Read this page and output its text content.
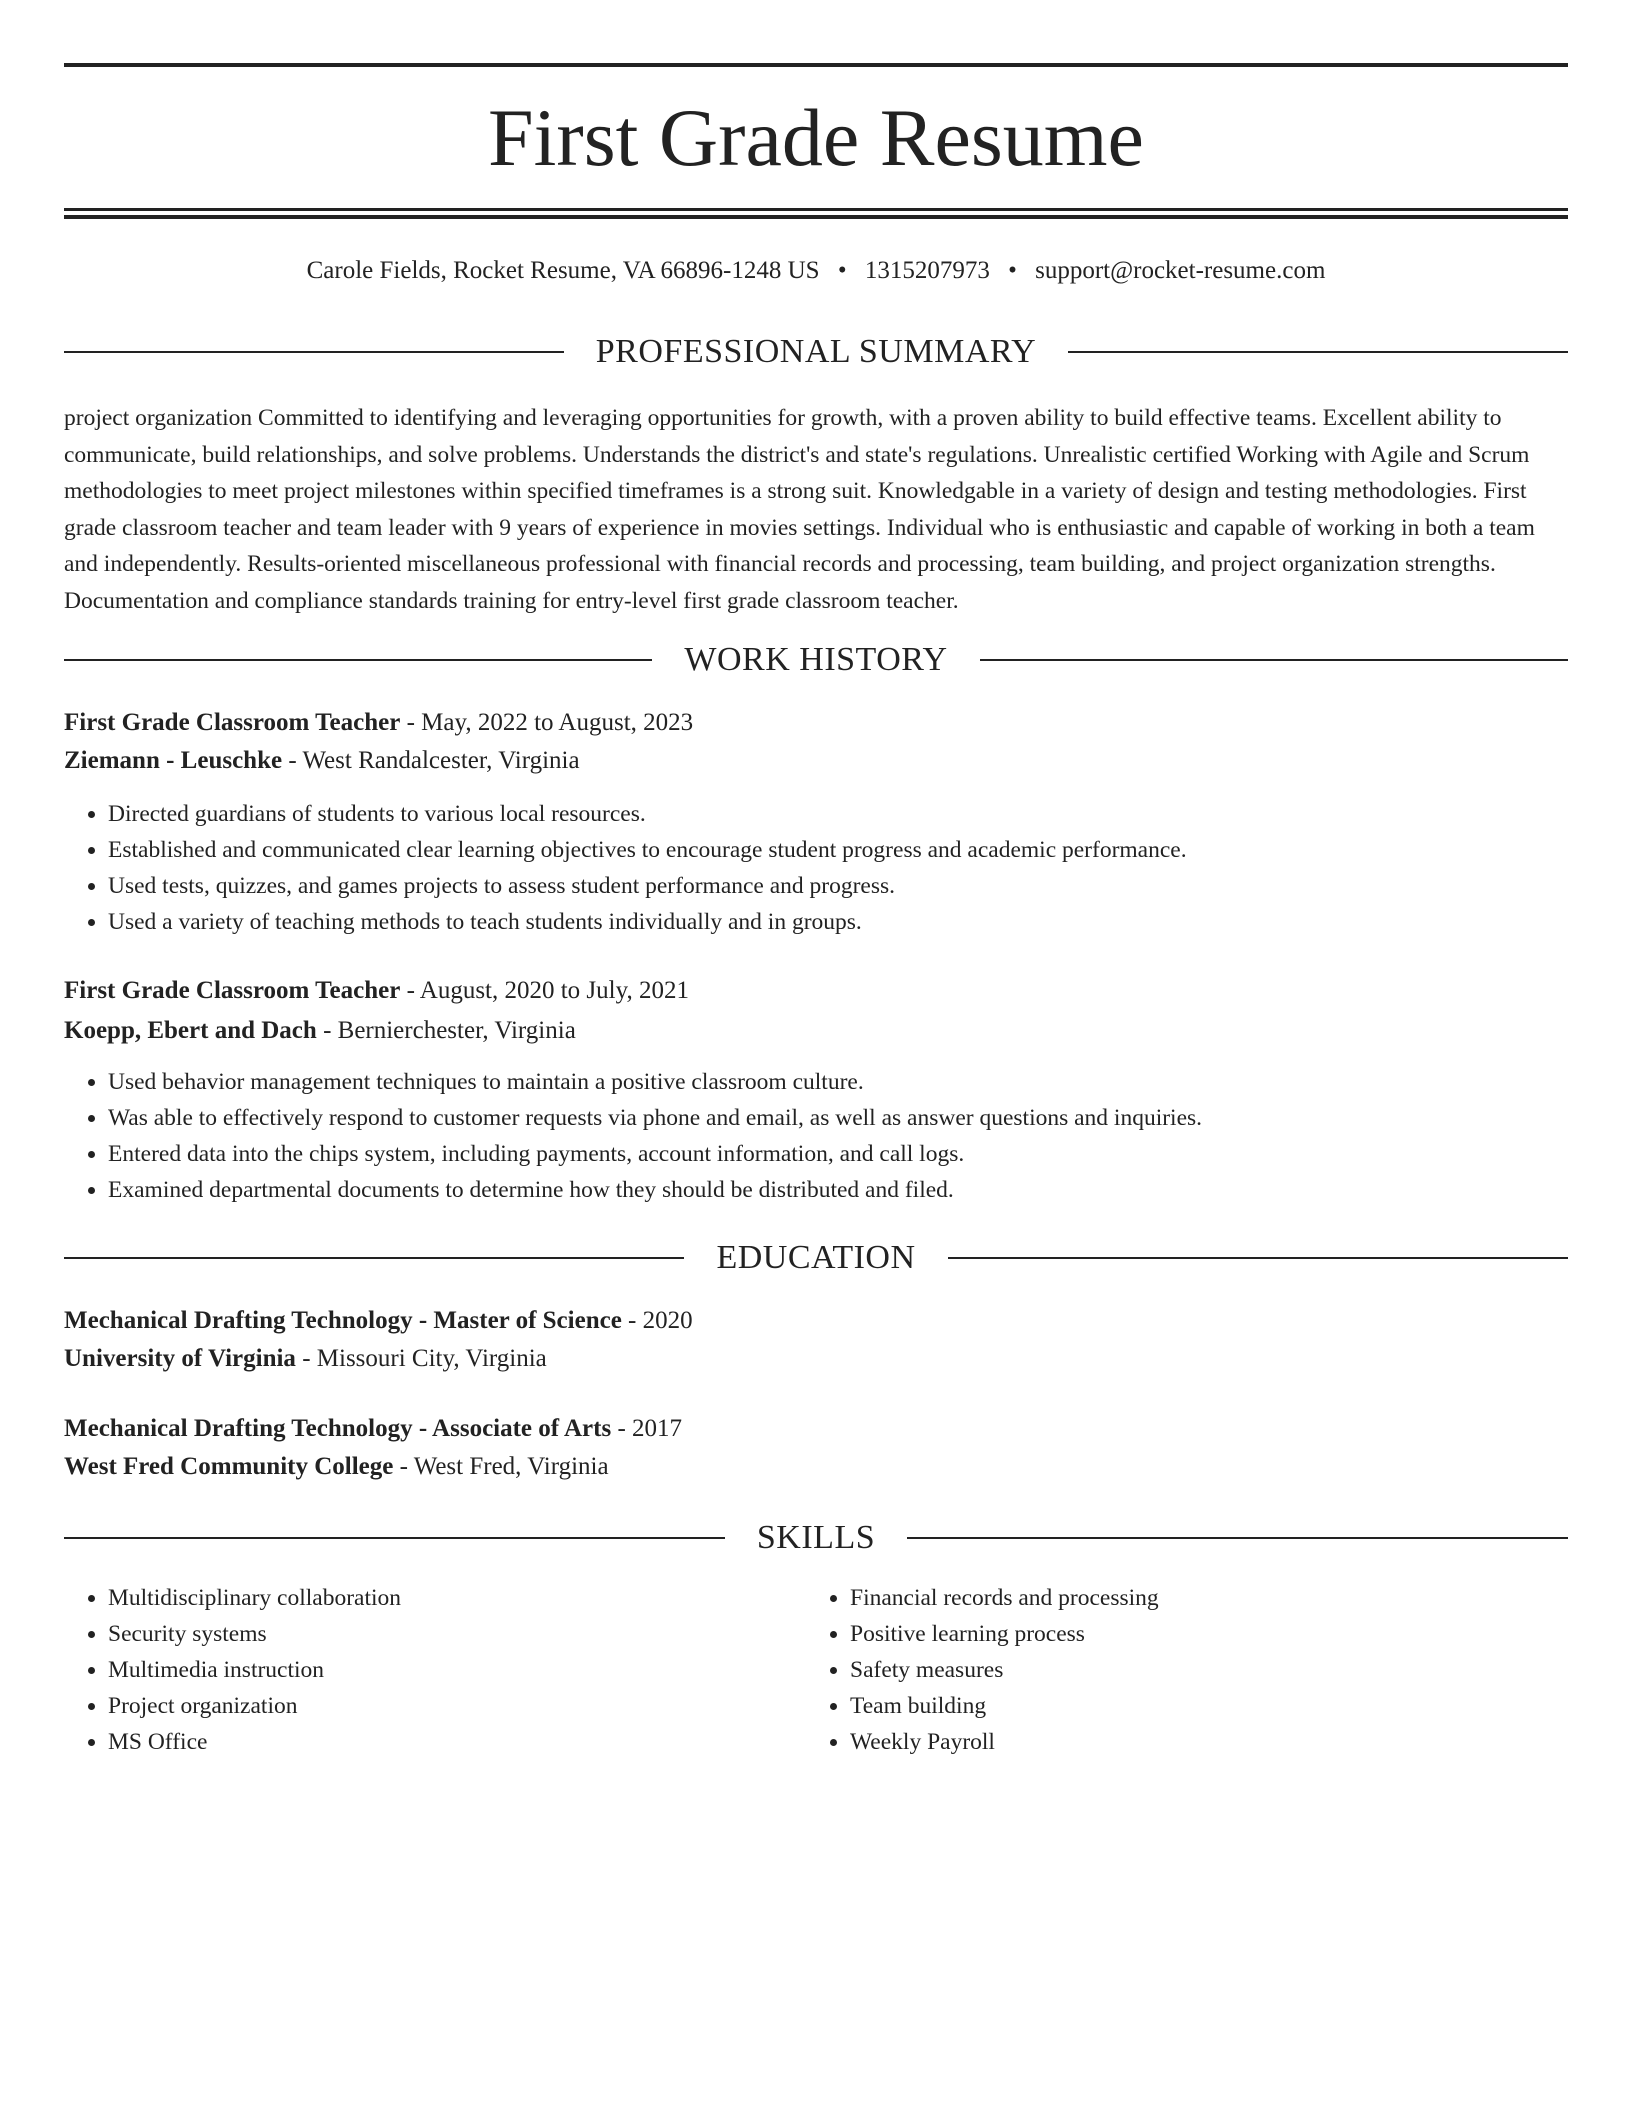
First Grade Resume
Carole Fields, Rocket Resume, VA 66896-1248 US • 1315207973 • support@rocket-resume.com
PROFESSIONAL SUMMARY

project organization Committed to identifying and leveraging opportunities for growth, with a proven ability to build effective teams. Excellent ability to communicate, build relationships, and solve problems. Understands the district's and state's regulations. Unrealistic certified Working with Agile and Scrum methodologies to meet project milestones within specified timeframes is a strong suit. Knowledgable in a variety of design and testing methodologies. First grade classroom teacher and team leader with 9 years of experience in movies settings. Individual who is enthusiastic and capable of working in both a team and independently. Results-oriented miscellaneous professional with financial records and processing, team building, and project organization strengths. Documentation and compliance standards training for entry-level first grade classroom teacher.

WORK HISTORY
First Grade Classroom Teacher - May, 2022 to August, 2023
Ziemann - Leuschke - West Randalcester, Virginia
• Directed guardians of students to various local resources.
• Established and communicated clear learning objectives to encourage student progress and academic performance.
• Used tests, quizzes, and games projects to assess student performance and progress.
• Used a variety of teaching methods to teach students individually and in groups.
First Grade Classroom Teacher - August, 2020 to July, 2021
Koepp, Ebert and Dach - Bernierchester, Virginia
• Used behavior management techniques to maintain a positive classroom culture.
• Was able to effectively respond to customer requests via phone and email, as well as answer questions and inquiries.
• Entered data into the chips system, including payments, account information, and call logs.
• Examined departmental documents to determine how they should be distributed and filed.
EDUCATION
Mechanical Drafting Technology - Master of Science - 2020
University of Virginia - Missouri City, Virginia
Mechanical Drafting Technology - Associate of Arts - 2017
West Fred Community College - West Fred, Virginia
SKILLS
• Multidisciplinary collaboration
• Security systems
• Multimedia instruction
• Project organization
• MS Office
• Financial records and processing
• Positive learning process
• Safety measures
• Team building
• Weekly Payroll
